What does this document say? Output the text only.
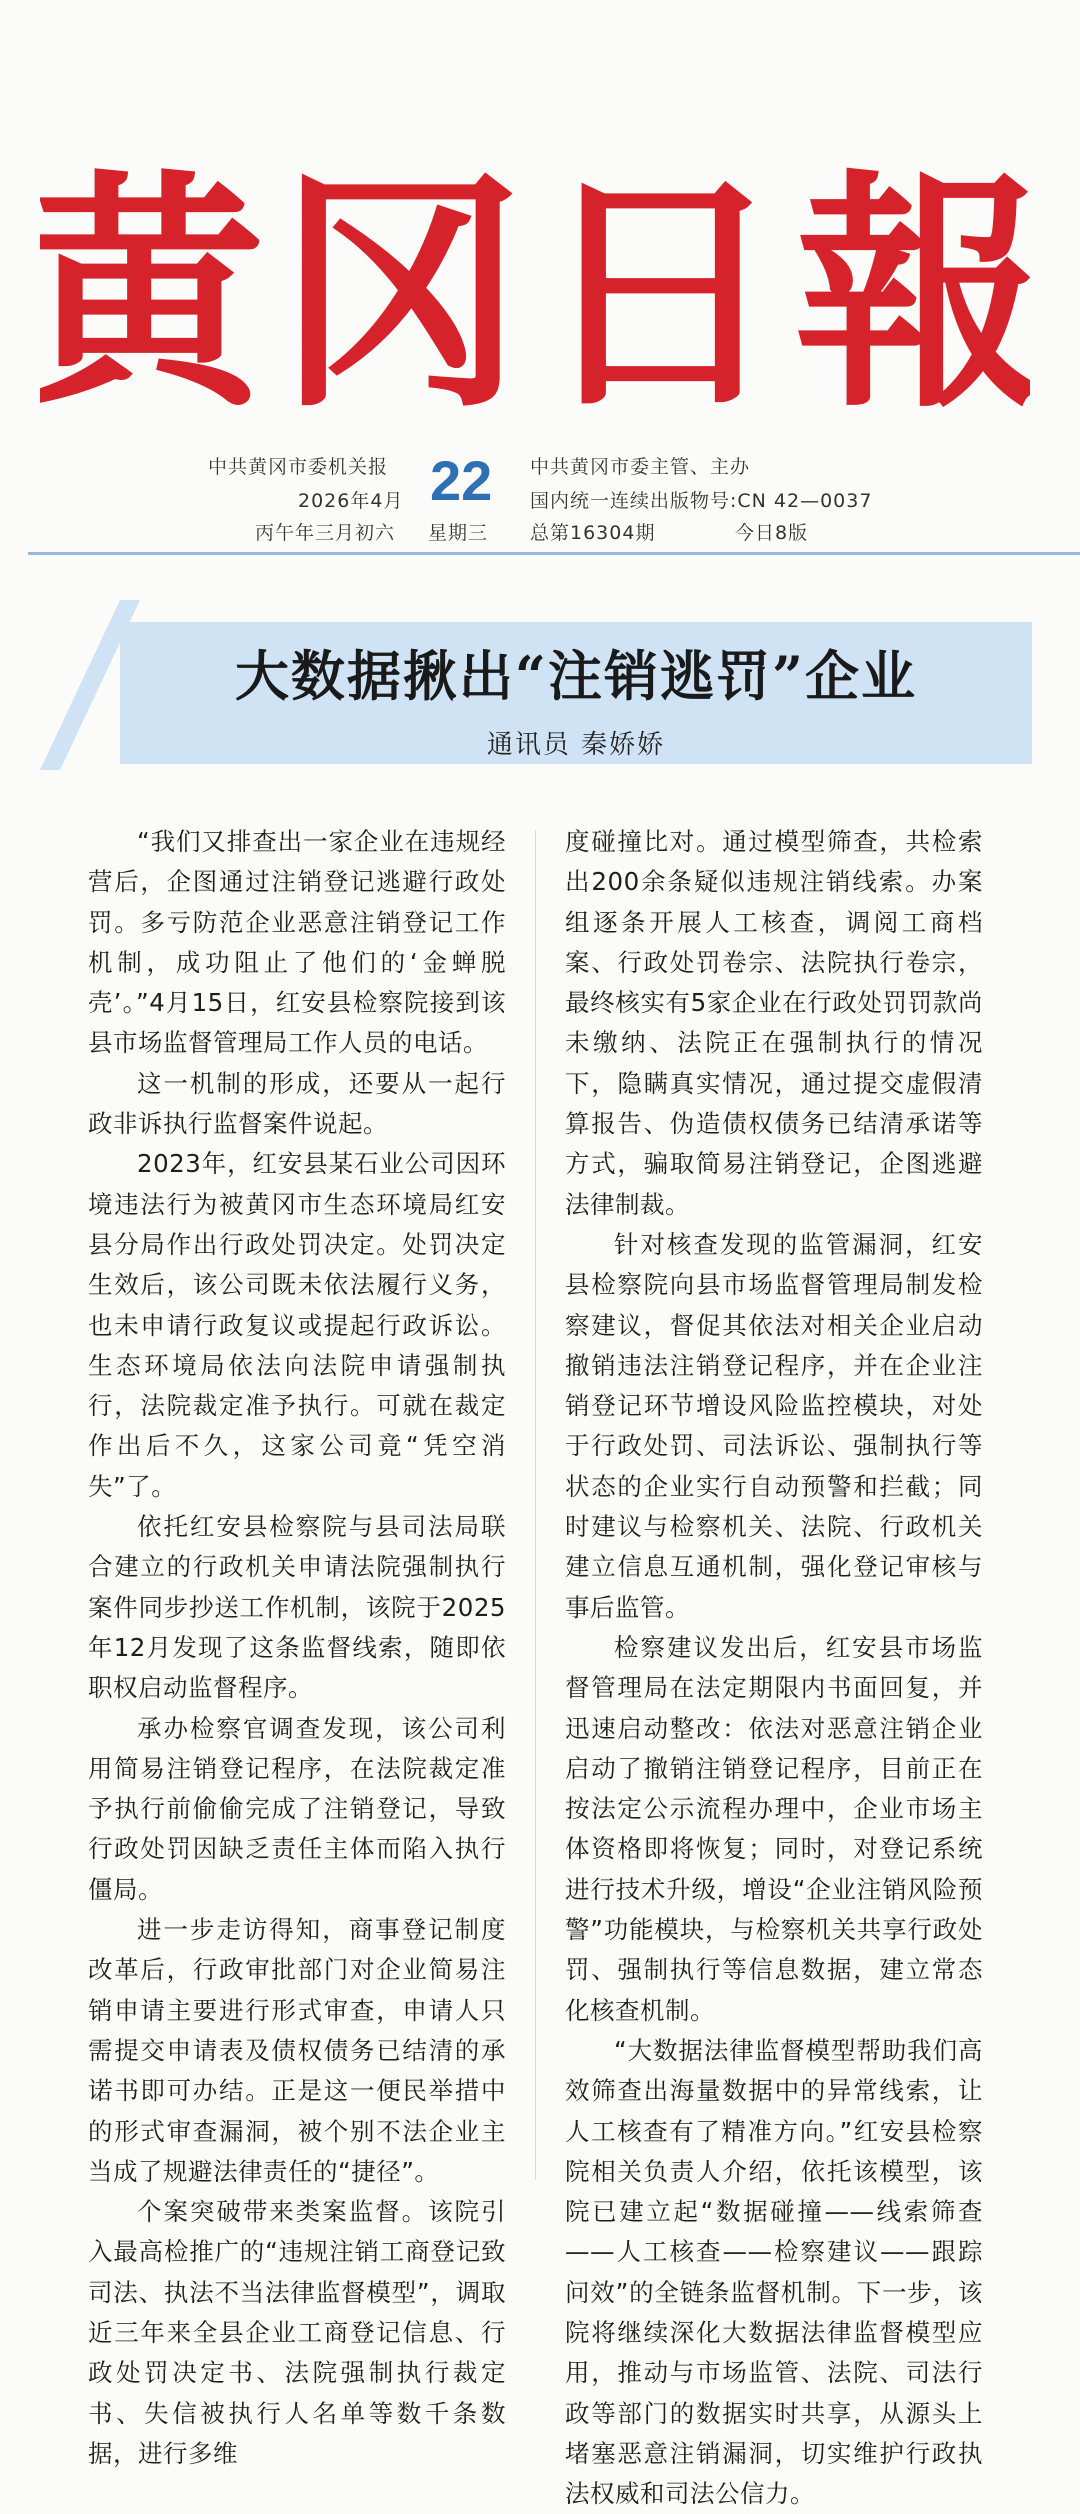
黄冈日報
中共黄冈市委机关报
2026年4月
丙午年三月初六
22
星期三
中共黄冈市委主管、主办
国内统一连续出版物号:CN 42—0037
总第16304期	今日8版
大数据揪出“注销逃罚”企业
通讯员 秦娇娇

“我们又排查出一家企业在违规经营后，企图通过注销登记逃避行政处罚。多亏防范企业恶意注销登记工作机制，成功阻止了他们的‘金蝉脱壳’。”4月15日，红安县检察院接到该县市场监督管理局工作人员的电话。

这一机制的形成，还要从一起行政非诉执行监督案件说起。

2023年，红安县某石业公司因环境违法行为被黄冈市生态环境局红安县分局作出行政处罚决定。处罚决定生效后，该公司既未依法履行义务，也未申请行政复议或提起行政诉讼。生态环境局依法向法院申请强制执行，法院裁定准予执行。可就在裁定作出后不久，这家公司竟“凭空消失”了。

依托红安县检察院与县司法局联合建立的行政机关申请法院强制执行案件同步抄送工作机制，该院于2025年12月发现了这条监督线索，随即依职权启动监督程序。

承办检察官调查发现，该公司利用简易注销登记程序，在法院裁定准予执行前偷偷完成了注销登记，导致行政处罚因缺乏责任主体而陷入执行僵局。

进一步走访得知，商事登记制度改革后，行政审批部门对企业简易注销申请主要进行形式审查，申请人只需提交申请表及债权债务已结清的承诺书即可办结。正是这一便民举措中的形式审查漏洞，被个别不法企业主当成了规避法律责任的“捷径”。

个案突破带来类案监督。该院引入最高检推广的“违规注销工商登记致司法、执法不当法律监督模型”，调取近三年来全县企业工商登记信息、行政处罚决定书、法院强制执行裁定书、失信被执行人名单等数千条数据，进行多维

度碰撞比对。通过模型筛查，共检索出200余条疑似违规注销线索。办案组逐条开展人工核查，调阅工商档案、行政处罚卷宗、法院执行卷宗，最终核实有5家企业在行政处罚罚款尚未缴纳、法院正在强制执行的情况下，隐瞒真实情况，通过提交虚假清算报告、伪造债权债务已结清承诺等方式，骗取简易注销登记，企图逃避法律制裁。

针对核查发现的监管漏洞，红安县检察院向县市场监督管理局制发检察建议，督促其依法对相关企业启动撤销违法注销登记程序，并在企业注销登记环节增设风险监控模块，对处于行政处罚、司法诉讼、强制执行等状态的企业实行自动预警和拦截；同时建议与检察机关、法院、行政机关建立信息互通机制，强化登记审核与事后监管。

检察建议发出后，红安县市场监督管理局在法定期限内书面回复，并迅速启动整改：依法对恶意注销企业启动了撤销注销登记程序，目前正在按法定公示流程办理中，企业市场主体资格即将恢复；同时，对登记系统进行技术升级，增设“企业注销风险预警”功能模块，与检察机关共享行政处罚、强制执行等信息数据，建立常态化核查机制。

“大数据法律监督模型帮助我们高效筛查出海量数据中的异常线索，让人工核查有了精准方向。”红安县检察院相关负责人介绍，依托该模型，该院已建立起“数据碰撞——线索筛查——人工核查——检察建议——跟踪问效”的全链条监督机制。下一步，该院将继续深化大数据法律监督模型应用，推动与市场监管、法院、司法行政等部门的数据实时共享，从源头上堵塞恶意注销漏洞，切实维护行政执法权威和司法公信力。
